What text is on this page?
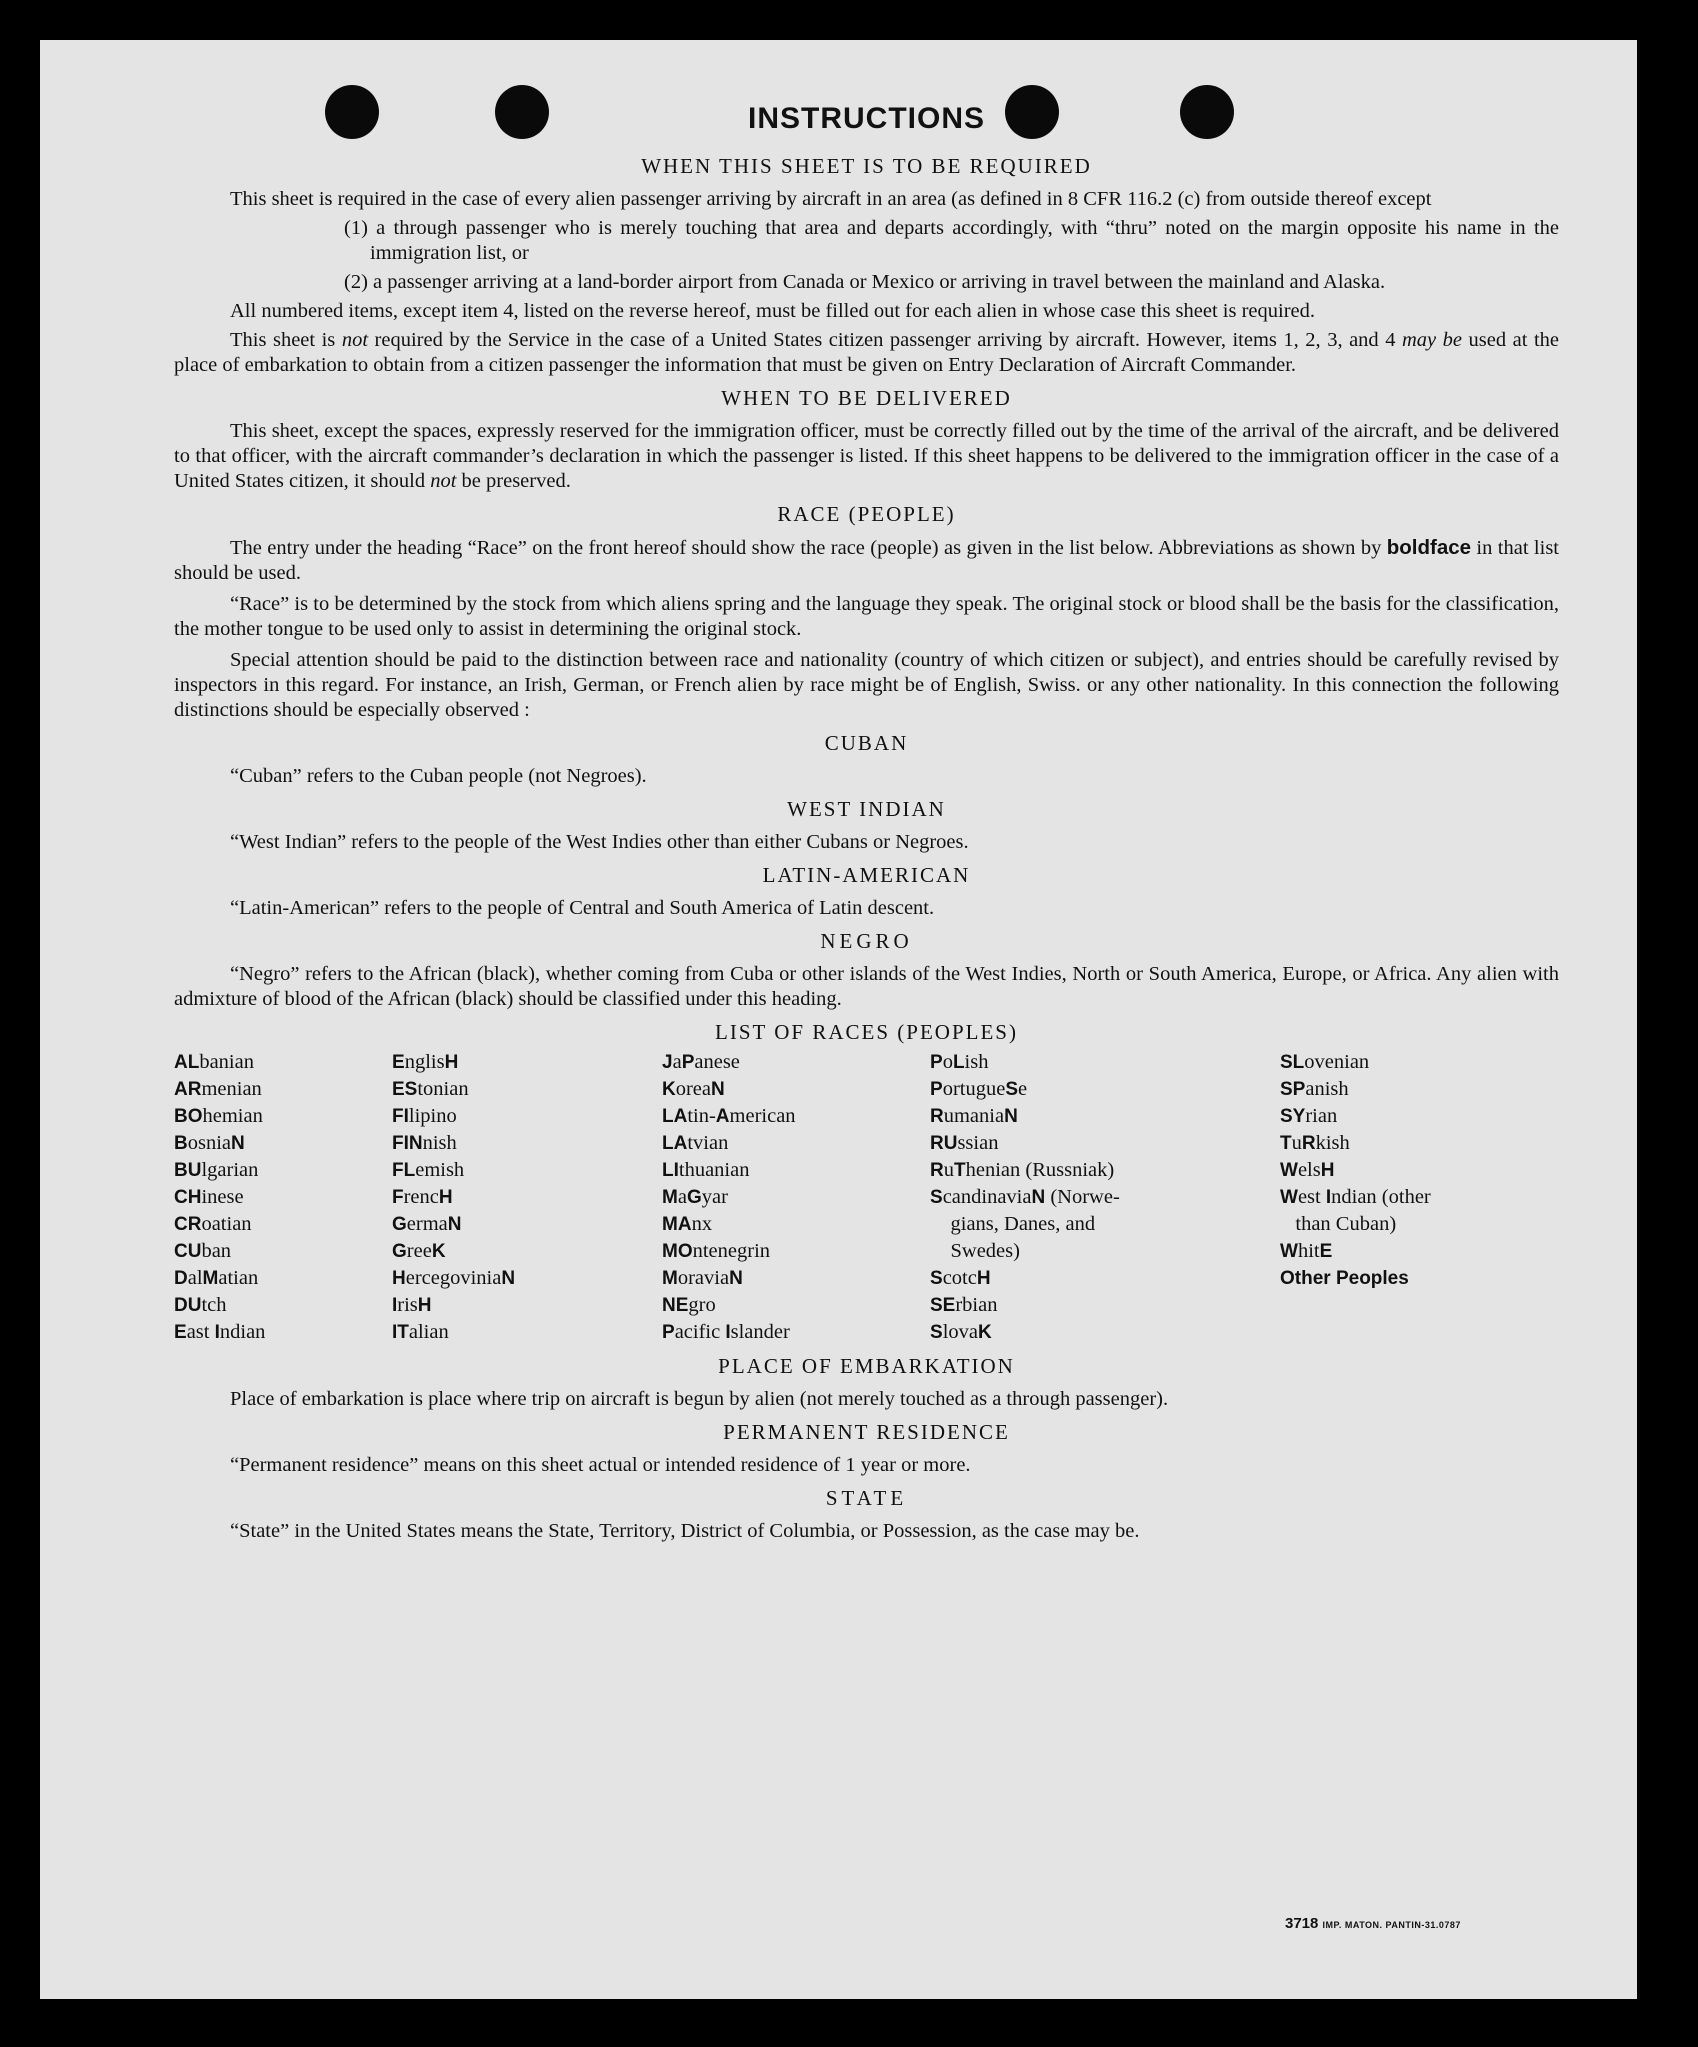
INSTRUCTIONS
WHEN THIS SHEET IS TO BE REQUIRED

This sheet is required in the case of every alien passenger arriving by aircraft in an area (as defined in 8 CFR 116.2 (c) from outside thereof except

(1) a through passenger who is merely touching that area and departs accordingly, with “thru” noted on the margin opposite his name in the immigration list, or

(2) a passenger arriving at a land-border airport from Canada or Mexico or arriving in travel between the mainland and Alaska.

All numbered items, except item 4, listed on the reverse hereof, must be filled out for each alien in whose case this sheet is required.

This sheet is not required by the Service in the case of a United States citizen passenger arriving by aircraft. However, items 1, 2, 3, and 4 may be used at the place of embarkation to obtain from a citizen passenger the information that must be given on Entry Declaration of Aircraft Commander.

WHEN TO BE DELIVERED

This sheet, except the spaces, expressly reserved for the immigration officer, must be correctly filled out by the time of the arrival of the aircraft, and be delivered to that officer, with the aircraft commander’s declaration in which the passenger is listed. If this sheet happens to be delivered to the immigration officer in the case of a United States citizen, it should not be preserved.

RACE (PEOPLE)

The entry under the heading “Race” on the front hereof should show the race (people) as given in the list below. Abbreviations as shown by boldface in that list should be used.

“Race” is to be determined by the stock from which aliens spring and the language they speak. The original stock or blood shall be the basis for the classification, the mother tongue to be used only to assist in determining the original stock.

Special attention should be paid to the distinction between race and nationality (country of which citizen or subject), and entries should be carefully revised by inspectors in this regard. For instance, an Irish, German, or French alien by race might be of English, Swiss. or any other nationality. In this connection the following distinctions should be especially observed :

CUBAN

“Cuban” refers to the Cuban people (not Negroes).

WEST INDIAN

“West Indian” refers to the people of the West Indies other than either Cubans or Negroes.

LATIN-AMERICAN

“Latin-American” refers to the people of Central and South America of Latin descent.

NEGRO

“Negro” refers to the African (black), whether coming from Cuba or other islands of the West Indies, North or South America, Europe, or Africa. Any alien with admixture of blood of the African (black) should be classified under this heading.

LIST OF RACES (PEOPLES)
ALbanian
ARmenian
BOhemian
BosniaN
BUlgarian
CHinese
CRoatian
CUban
DalMatian
DUtch
East Indian
EnglisH
EStonian
FIlipino
FINnish
FLemish
FrencH
GermaN
GreeK
HercegoviniaN
IrisH
ITalian
JaPanese
KoreaN
LAtin-American
LAtvian
LIthuanian
MaGyar
MAnx
MOntenegrin
MoraviaN
NEgro
Pacific Islander
PoLish
PortugueSe
RumaniaN
RUssian
RuThenian (Russniak)
ScandinaviaN (Norwe-
gians, Danes, and
Swedes)
ScotcH
SErbian
SlovaK
SLovenian
SPanish
SYrian
TuRkish
WelsH
West Indian (other
than Cuban)
WhitE
Other Peoples
PLACE OF EMBARKATION

Place of embarkation is place where trip on aircraft is begun by alien (not merely touched as a through passenger).

PERMANENT RESIDENCE

“Permanent residence” means on this sheet actual or intended residence of 1 year or more.

STATE

“State” in the United States means the State, Territory, District of Columbia, or Possession, as the case may be.

3718 IMP. MATON. PANTIN-31.0787
